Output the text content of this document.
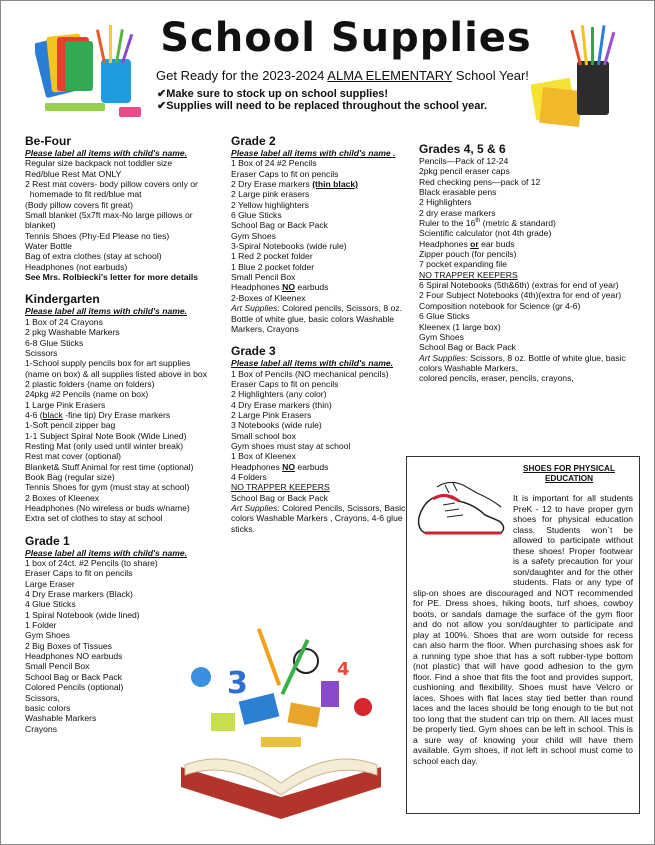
School Supplies
Get Ready for the 2023-2024 ALMA ELEMENTARY School Year!
✔Make sure to stock up on school supplies!
✔Supplies will need to be replaced throughout the school year.
Be-Four
Please label all items with child's name.
Regular size backpack not toddler size
Red/blue Rest Mat ONLY
2 Rest mat covers- body pillow covers only or
homemade to fit red/blue mat
(Body pillow covers fit great)
Small blanket (5x7ft max-No large pillows or blanket)
Tennis Shoes (Phy-Ed Please no ties)
Water Bottle
Bag of extra clothes (stay at school)
Headphones (not earbuds)
See Mrs. Rolbiecki's letter for more details
Kindergarten
Please label all items with child's name.
1 Box of 24 Crayons
2 pkg Washable Markers
6-8 Glue Sticks
Scissors
1-School supply pencils box for art supplies
(name on box) & all supplies listed above in box
2 plastic folders (name on folders)
24pkg #2 Pencils (name on box)
1 Large Pink Erasers
4-6 (black -fine tip) Dry Erase markers
1-Soft pencil zipper bag
1-1 Subject Spiral Note Book (Wide Lined)
Resting Mat (only used until winter break)
Rest mat cover (optional)
Blanket& Stuff Animal for rest time (optional)
Book Bag (regular size)
Tennis Shoes for gym (must stay at school)
2 Boxes of Kleenex
Headphones (No wireless or buds w/name)
Extra set of clothes to stay at school
Grade 1
Please label all items with child's name.
1 box of 24ct. #2 Pencils (to share)
Eraser Caps to fit on pencils
Large Eraser
4 Dry Erase markers (Black)
4 Glue Sticks
1 Spiral Notebook (wide lined)
1 Folder
Gym Shoes
2 Big Boxes of Tissues
Headphones NO earbuds
Small Pencil Box
School Bag or Back Pack
Colored Pencils (optional)
Scissors,
basic colors
Washable Markers
Crayons
Grade 2
Please label all items with child's name .
1 Box of 24 #2 Pencils
Eraser Caps to fit on pencils
2 Dry Erase markers (thin black)
2 Large pink erasers
2 Yellow highlighters
6 Glue Sticks
School Bag or Back Pack
Gym Shoes
3-Spiral Notebooks (wide rule)
1 Red 2 pocket folder
1 Blue 2 pocket folder
Small Pencil Box
Headphones NO earbuds
2-Boxes of Kleenex
Art Supplies: Colored pencils, Scissors, 8 oz. Bottle of white glue, basic colors Washable Markers, Crayons
Grade 3
Please label all items with child's name.
1 Box of Pencils (NO mechanical pencils)
Eraser Caps to fit on pencils
2 Highlighters (any color)
4 Dry Erase markers (thin)
2 Large Pink Erasers
3 Notebooks (wide rule)
Small school box
Gym shoes must stay at school
1 Box of Kleenex
Headphones NO earbuds
4 Folders
NO TRAPPER KEEPERS
School Bag or Back Pack
Art Supplies: Colored Pencils, Scissors, Basic colors Washable Markers , Crayons, 4-6 glue sticks.
Grades 4, 5 & 6
Pencils—Pack of 12-24
2pkg pencil eraser caps
Red checking pens—pack of 12
Black erasable pens
2 Highlighters
2 dry erase markers
Ruler to the 16th (metric & standard)
Scientific calculator (not 4th grade)
Headphones or ear buds
Zipper pouch (for pencils)
7 pocket expanding file
NO TRAPPER KEEPERS
6 Spiral Notebooks (5th&6th) (extras for end of year)
2 Four Subject Notebooks (4th)(extra for end of year)
Composition notebook for Science (gr 4-6)
6 Glue Sticks
Kleenex (1 large box)
Gym Shoes
School Bag or Back Pack
Art Supplies: Scissors, 8 oz. Bottle of white glue, basic colors Washable Markers,
colored pencils, eraser, pencils, crayons,
3	4
SHOES FOR PHYSICAL EDUCATION
It is important for all students PreK - 12 to have proper gym shoes for physical education class. Students won`t be allowed to participate without these shoes! Proper footwear is a safety precaution for your son/daughter and for the other students. Flats or any type of slip-on shoes are discouraged and NOT recommended for PE. Dress shoes, hiking boots, turf shoes, cowboy boots, or sandals damage the surface of the gym floor and do not allow you son/daughter to participate and play at 100%. Shoes that are worn outside for recess can also harm the floor. When purchasing shoes ask for a running type shoe that has a soft rubber-type bottom (not plastic) that will have good adhesion to the gym floor. Find a shoe that fits the foot and provides support, cushioning and flexibility. Shoes must have Velcro or laces. Shoes with flat laces stay tied better than round laces and the laces should be long enough to tie but not too long that the student can trip on them. All laces must be properly tied. Gym shoes can be left in school. This is a sure way of knowing your child will have them available. Gym shoes, if not left in school must come to school each day.
